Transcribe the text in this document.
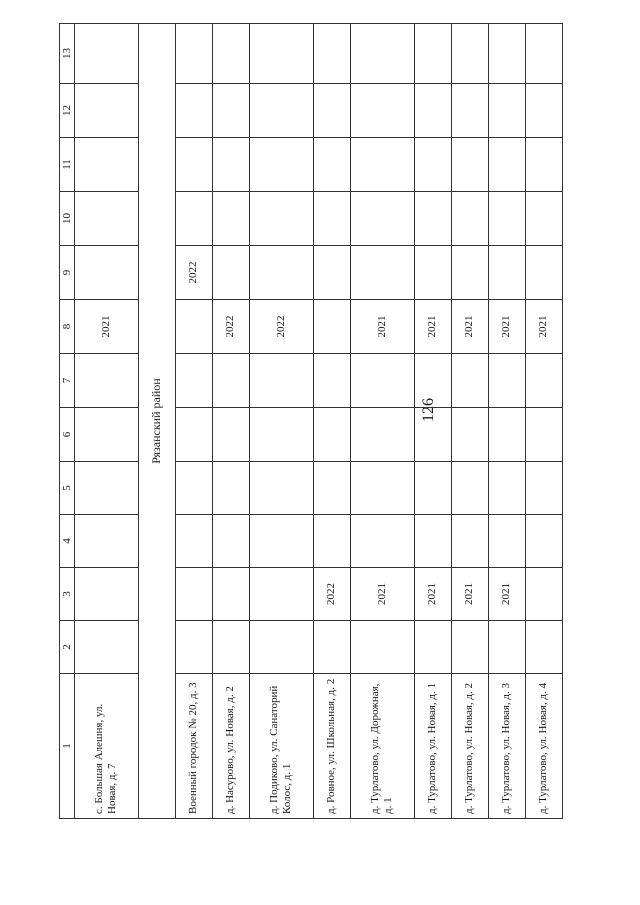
126
1	2	3	4	5	6	7	8	9	10	11	12	13
с. Большая Алешня, ул. Новая, д. 7							2021					
Рязанский район												
Военный городок № 20, д. 3								2022				
д. Насурово, ул. Новая, д. 2							2022					
д. Подиково, ул. Санаторий Колос, д. 1							2022					
д. Ровное, ул. Школьная, д. 2		2022										
д. Турлатово, ул. Дорожная, д. 1		2021					2021					
д. Турлатово, ул. Новая, д. 1		2021					2021					
д. Турлатово, ул. Новая, д. 2		2021					2021					
д. Турлатово, ул. Новая, д. 3		2021					2021					
д. Турлатово, ул. Новая, д. 4							2021					
